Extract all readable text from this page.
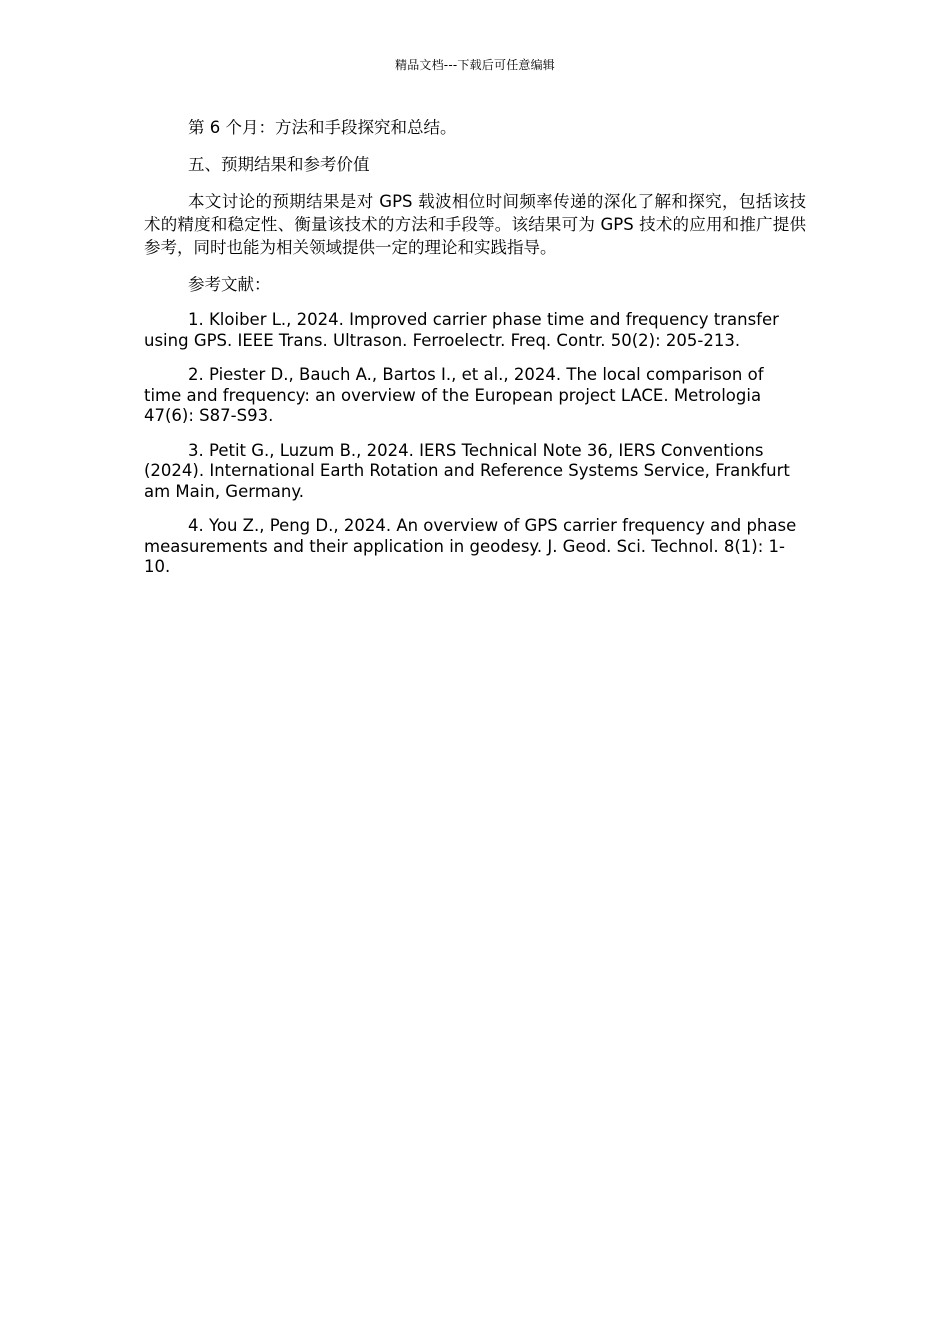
精品文档---下载后可任意编辑

第 6 个月：方法和手段探究和总结。

五、预期结果和参考价值

本文讨论的预期结果是对 GPS 载波相位时间频率传递的深化了解和探究，包括该技术的精度和稳定性、衡量该技术的方法和手段等。该结果可为 GPS 技术的应用和推广提供参考，同时也能为相关领域提供一定的理论和实践指导。

参考文献：

1. Kloiber L., 2024. Improved carrier phase time and frequency transfer using GPS. IEEE Trans. Ultrason. Ferroelectr. Freq. Contr. 50(2): 205-213.

2. Piester D., Bauch A., Bartos I., et al., 2024. The local comparison of time and frequency: an overview of the European project LACE. Metrologia 47(6): S87-S93.

3. Petit G., Luzum B., 2024. IERS Technical Note 36, IERS Conventions (2024). International Earth Rotation and Reference Systems Service, Frankfurt am Main, Germany.

4. You Z., Peng D., 2024. An overview of GPS carrier frequency and phase measurements and their application in geodesy. J. Geod. Sci. Technol. 8(1): 1-10.
